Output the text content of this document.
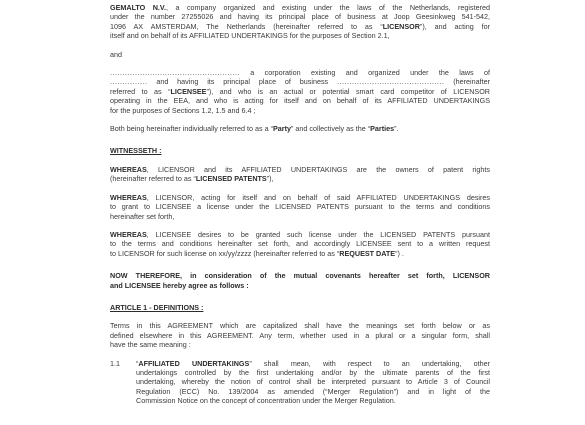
GEMALTO N.V., a company organized and existing under the laws of the Netherlands, registered
under the number 27255026 and having its principal place of business at Joop Geesinkweg 541-542,
1096 AX AMSTERDAM, The Netherlands (hereinafter referred to as “LICENSOR”), and acting for
itself and on behalf of its AFFILIATED UNDERTAKINGS for the purposes of Section 2.1,
and
.................................................... a corporation existing and organized under the laws of
............... and having its principal place of business ........................................... (hereinafter
referred to as “LICENSEE”), and who is an actual or potential smart card competitor of LICENSOR
operating in the EEA, and who is acting for itself and on behalf of its AFFILIATED UNDERTAKINGS
for the purposes of Sections 1.2, 1.5 and 6.4 ;
Both being hereinafter individually referred to as a “Party” and collectively as the “Parties”.
WITNESSETH :
WHEREAS, LICENSOR and its AFFILIATED UNDERTAKINGS are the owners of patent rights
(hereinafter referred to as “LICENSED PATENTS”),
WHEREAS, LICENSOR, acting for itself and on behalf of said AFFILIATED UNDERTAKINGS desires
to grant to LICENSEE a license under the LICENSED PATENTS pursuant to the terms and conditions
hereinafter set forth,
WHEREAS, LICENSEE desires to be granted such license under the LICENSED PATENTS pursuant
to the terms and conditions hereinafter set forth, and accordingly LICENSEE sent to a written request
to LICENSOR for such license on xx/yy/zzzz (hereinafter referred to as “REQUEST DATE”) .
NOW THEREFORE, in consideration of the mutual covenants hereafter set forth, LICENSOR
and LICENSEE hereby agree as follows :
ARTICLE 1 - DEFINITIONS :
Terms in this AGREEMENT which are capitalized shall have the meanings set forth below or as
defined elsewhere in this AGREEMENT. Any term, whether used in a plural or a singular form, shall
have the same meaning :
1.1	“AFFILIATED UNDERTAKINGS” shall mean, with respect to an undertaking, other
undertakings controlled by the first undertaking and/or by the ultimate parents of the first
undertaking, whereby the notion of control shall be interpreted pursuant to Article 3 of Council
Regulation (ECC) No. 139/2004 as amended (“Merger Regulation”) and in light of the
Commission Notice on the concept of concentration under the Merger Regulation.
